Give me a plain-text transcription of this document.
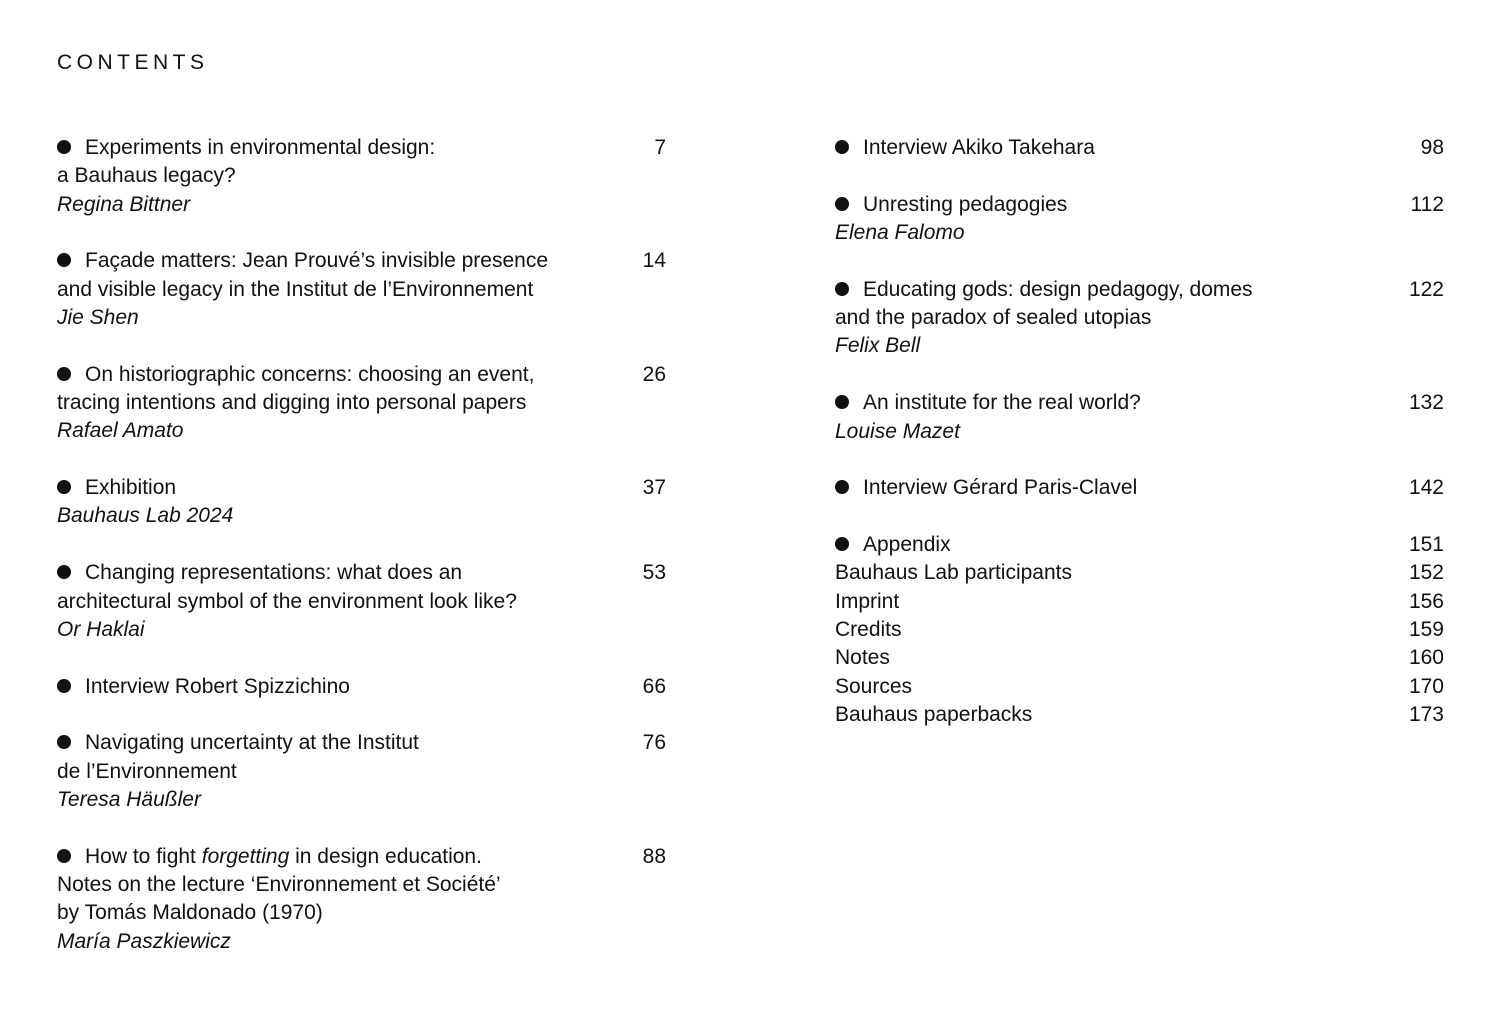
CONTENTS
Experiments in environmental design:
a Bauhaus legacy?
Regina Bittner
7
Façade matters: Jean Prouvé’s invisible presence
and visible legacy in the Institut de l’Environnement
Jie Shen
14
On historiographic concerns: choosing an event,
tracing intentions and digging into personal papers
Rafael Amato
26
Exhibition
Bauhaus Lab 2024
37
Changing representations: what does an
architectural symbol of the environment look like?
Or Haklai
53
Interview Robert Spizzichino	66
Navigating uncertainty at the Institut
de l’Environnement
Teresa Häußler
76
How to fight forgetting in design education.
Notes on the lecture ‘Environnement et Société’
by Tomás Maldonado (1970)
María Paszkiewicz
88
Interview Akiko Takehara	98
Unresting pedagogies
Elena Falomo
112
Educating gods: design pedagogy, domes
and the paradox of sealed utopias
Felix Bell
122
An institute for the real world?
Louise Mazet
132
Interview Gérard Paris-Clavel	142
Appendix	151
Bauhaus Lab participants	152
Imprint	156
Credits	159
Notes	160
Sources	170
Bauhaus paperbacks	173
